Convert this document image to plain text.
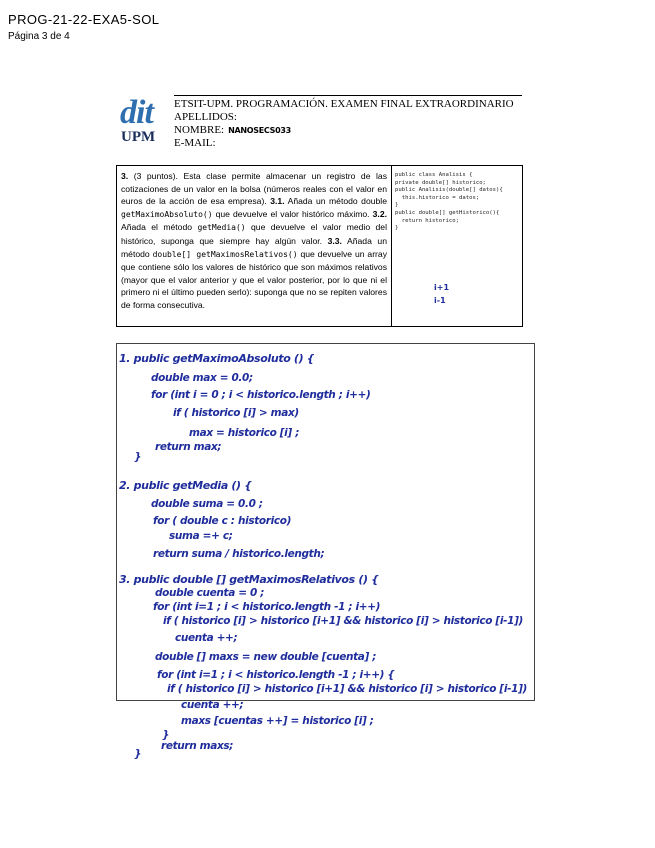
PROG-21-22-EXA5-SOL
Página 3 de 4
dit
UPM
ETSIT-UPM. PROGRAMACIÓN. EXAMEN FINAL EXTRAORDINARIO
APELLIDOS:
NOMBRE: NANOSECS033
E-MAIL:
3. (3 puntos). Esta clase permite almacenar un registro de las cotizaciones de un valor en la bolsa (números reales con el valor en euros de la acción de esa empresa). 3.1. Añada un método double getMaximoAbsoluto() que devuelve el valor histórico máximo. 3.2. Añada el método getMedia() que devuelve el valor medio del histórico, suponga que siempre hay algún valor. 3.3. Añada un método double[] getMaximosRelativos() que devuelve un array que contiene sólo los valores de histórico que son máximos relativos (mayor que el valor anterior y que el valor posterior, por lo que ni el primero ni el último pueden serlo): suponga que no se repiten valores de forma consecutiva.
public class Analisis {
private double[] historico;
public Analisis(double[] datos){
this.historico = datos;
}
public double[] getHistorico(){
return historico;
}
i+1
i-1
1. public getMaximoAbsoluto () {
double max = 0.0;
for (int i = 0 ; i < historico.length ; i++)
if ( historico [i] > max)
max = historico [i] ;
return max;
}
2. public getMedia () {
double suma = 0.0 ;
for ( double c : historico)
suma =+ c;
return suma / historico.length;
3. public double [] getMaximosRelativos () {
double cuenta = 0 ;
for (int i=1 ; i < historico.length -1 ; i++)
if ( historico [i] > historico [i+1] && historico [i] > historico [i-1])
cuenta ++;
double [] maxs = new double [cuenta] ;
for (int i=1 ; i < historico.length -1 ; i++) {
if ( historico [i] > historico [i+1] && historico [i] > historico [i-1])
cuenta ++;
maxs [cuentas ++] = historico [i] ;
}
return maxs;
}
